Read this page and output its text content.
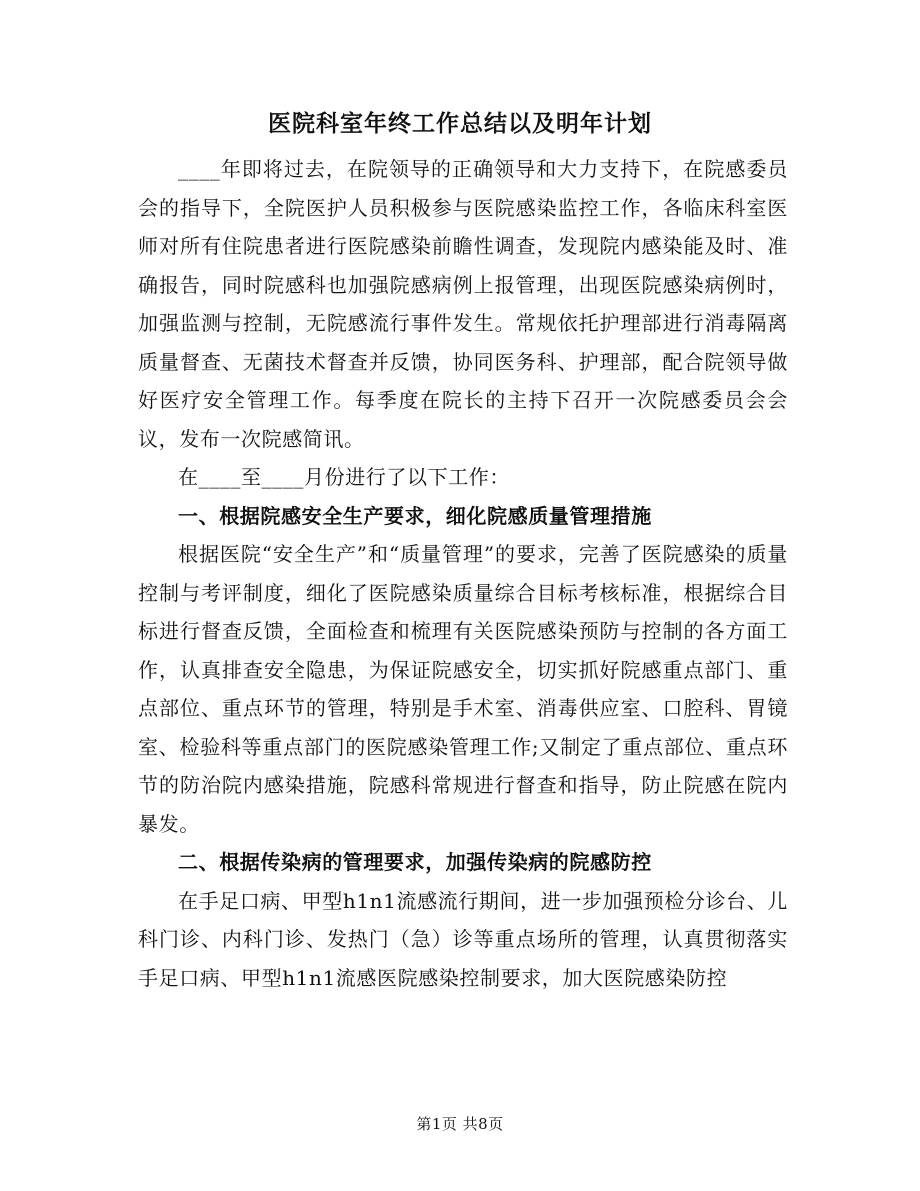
医院科室年终工作总结以及明年计划

____年即将过去，在院领导的正确领导和大力支持下，在院感委员会的指导下，全院医护人员积极参与医院感染监控工作，各临床科室医师对所有住院患者进行医院感染前瞻性调查，发现院内感染能及时、准确报告，同时院感科也加强院感病例上报管理，出现医院感染病例时，加强监测与控制，无院感流行事件发生。常规依托护理部进行消毒隔离质量督查、无菌技术督查并反馈，协同医务科、护理部，配合院领导做好医疗安全管理工作。每季度在院长的主持下召开一次院感委员会会议，发布一次院感简讯。

在____至____月份进行了以下工作：

一、根据院感安全生产要求，细化院感质量管理措施

根据医院“安全生产”和“质量管理”的要求，完善了医院感染的质量控制与考评制度，细化了医院感染质量综合目标考核标准，根据综合目标进行督查反馈，全面检查和梳理有关医院感染预防与控制的各方面工作，认真排查安全隐患，为保证院感安全，切实抓好院感重点部门、重点部位、重点环节的管理，特别是手术室、消毒供应室、口腔科、胃镜室、检验科等重点部门的医院感染管理工作;又制定了重点部位、重点环节的防治院内感染措施，院感科常规进行督查和指导，防止院感在院内暴发。

二、根据传染病的管理要求，加强传染病的院感防控

在手足口病、甲型h1n1流感流行期间，进一步加强预检分诊台、儿科门诊、内科门诊、发热门（急）诊等重点场所的管理，认真贯彻落实手足口病、甲型h1n1流感医院感染控制要求，加大医院感染防控

第1页 共8页
